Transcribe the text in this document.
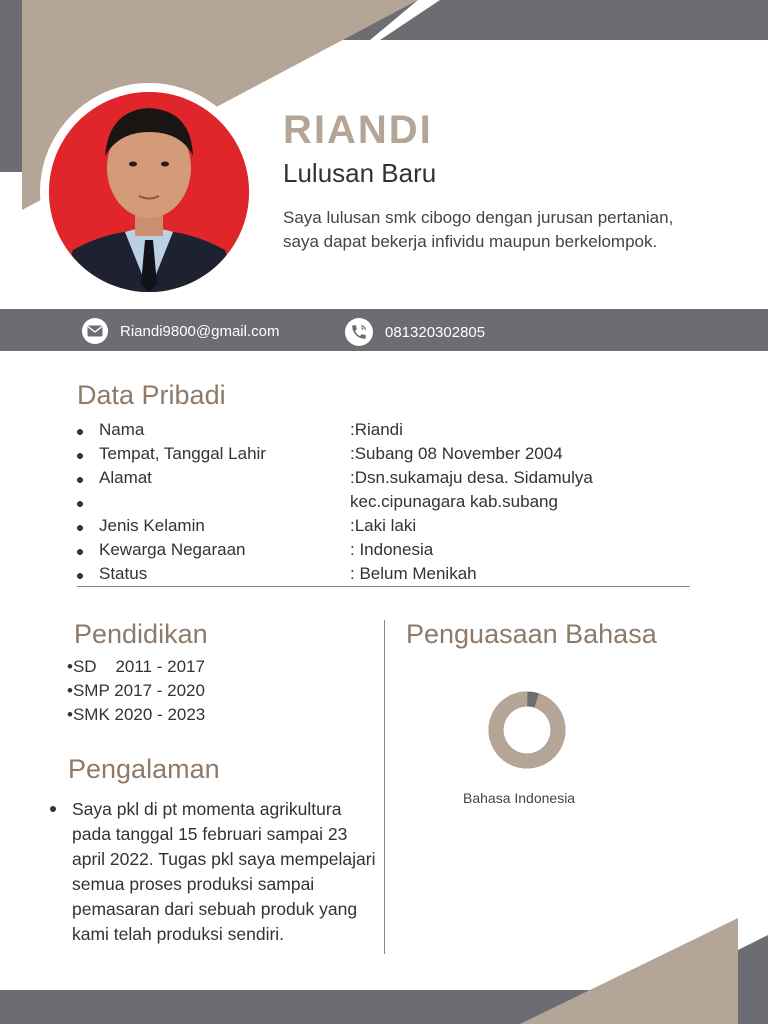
RIANDI

Lulusan Baru

Saya lulusan smk cibogo dengan jurusan pertanian, saya dapat bekerja infividu maupun berkelompok.

Riandi9800@gmail.com	081320302805
Data Pribadi
Nama	:Riandi
Tempat, Tanggal Lahir	:Subang 08 November 2004
Alamat	:Dsn.sukamaju desa. Sidamulya
kec.cipunagara kab.subang
Jenis Kelamin	:Laki laki
Kewarga Negaraan	: Indonesia
Status	: Belum Menikah
Pendidikan
•SD    2011 - 2017
•SMP 2017 - 2020
•SMK 2020 - 2023
Pengalaman

Saya pkl di pt momenta agrikultura pada tanggal 15 februari sampai 23 april 2022. Tugas pkl saya mempelajari semua proses produksi sampai pemasaran dari sebuah produk yang kami telah produksi sendiri.

Penguasaan Bahasa
Bahasa Indonesia
